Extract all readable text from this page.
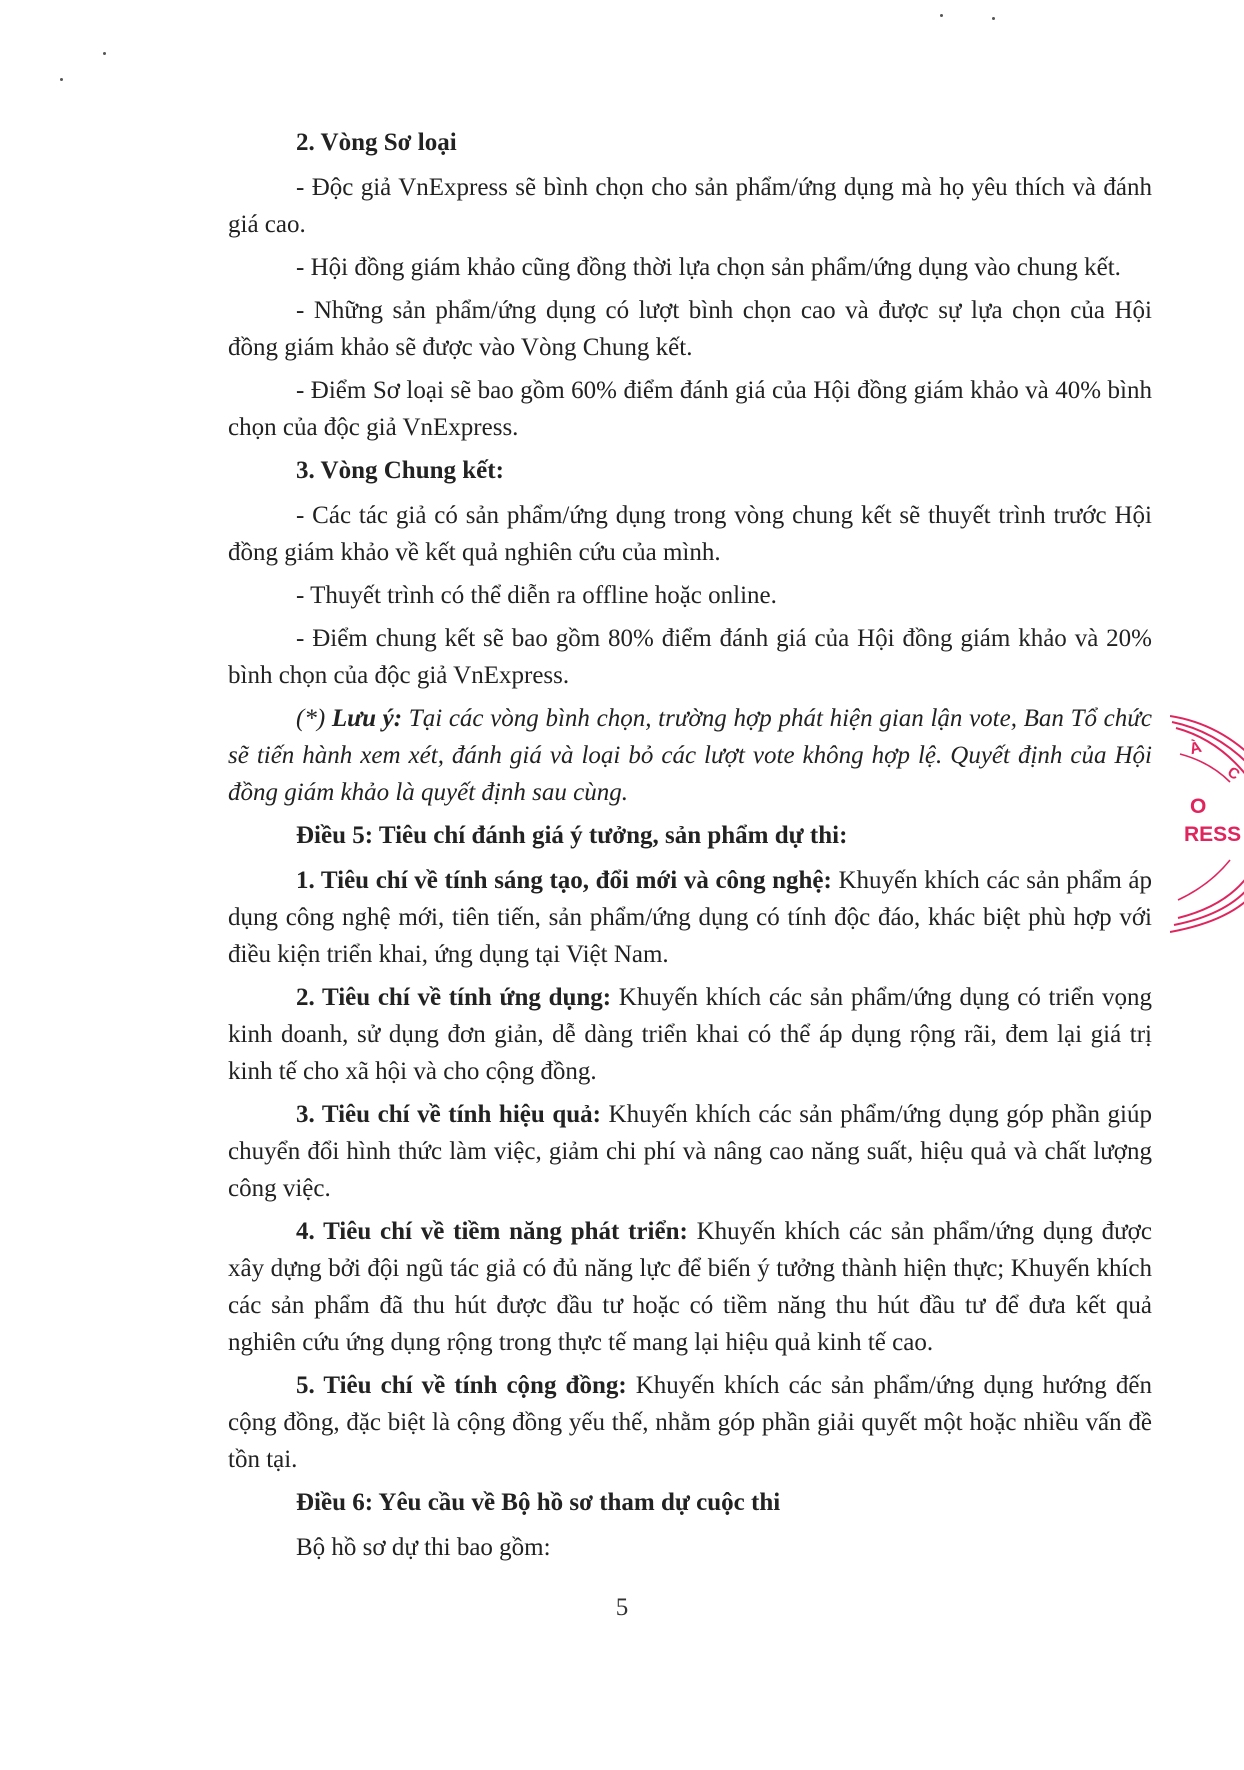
2. Vòng Sơ loại

- Độc giả VnExpress sẽ bình chọn cho sản phẩm/ứng dụng mà họ yêu thích và đánh giá cao.

- Hội đồng giám khảo cũng đồng thời lựa chọn sản phẩm/ứng dụng vào chung kết.

- Những sản phẩm/ứng dụng có lượt bình chọn cao và được sự lựa chọn của Hội đồng giám khảo sẽ được vào Vòng Chung kết.

- Điểm Sơ loại sẽ bao gồm 60% điểm đánh giá của Hội đồng giám khảo và 40% bình chọn của độc giả VnExpress.

3. Vòng Chung kết:

- Các tác giả có sản phẩm/ứng dụng trong vòng chung kết sẽ thuyết trình trước Hội đồng giám khảo về kết quả nghiên cứu của mình.

- Thuyết trình có thể diễn ra offline hoặc online.

- Điểm chung kết sẽ bao gồm 80% điểm đánh giá của Hội đồng giám khảo và 20% bình chọn của độc giả VnExpress.

(*) Lưu ý: Tại các vòng bình chọn, trường hợp phát hiện gian lận vote, Ban Tổ chức sẽ tiến hành xem xét, đánh giá và loại bỏ các lượt vote không hợp lệ. Quyết định của Hội đồng giám khảo là quyết định sau cùng.

Điều 5: Tiêu chí đánh giá ý tưởng, sản phẩm dự thi:

1. Tiêu chí về tính sáng tạo, đổi mới và công nghệ: Khuyến khích các sản phẩm áp dụng công nghệ mới, tiên tiến, sản phẩm/ứng dụng có tính độc đáo, khác biệt phù hợp với điều kiện triển khai, ứng dụng tại Việt Nam.

2. Tiêu chí về tính ứng dụng: Khuyến khích các sản phẩm/ứng dụng có triển vọng kinh doanh, sử dụng đơn giản, dễ dàng triển khai có thể áp dụng rộng rãi, đem lại giá trị kinh tế cho xã hội và cho cộng đồng.

3. Tiêu chí về tính hiệu quả: Khuyến khích các sản phẩm/ứng dụng góp phần giúp chuyển đổi hình thức làm việc, giảm chi phí và nâng cao năng suất, hiệu quả và chất lượng công việc.

4. Tiêu chí về tiềm năng phát triển: Khuyến khích các sản phẩm/ứng dụng được xây dựng bởi đội ngũ tác giả có đủ năng lực để biến ý tưởng thành hiện thực; Khuyến khích các sản phẩm đã thu hút được đầu tư hoặc có tiềm năng thu hút đầu tư để đưa kết quả nghiên cứu ứng dụng rộng trong thực tế mang lại hiệu quả kinh tế cao.

5. Tiêu chí về tính cộng đồng: Khuyến khích các sản phẩm/ứng dụng hướng đến cộng đồng, đặc biệt là cộng đồng yếu thế, nhằm góp phần giải quyết một hoặc nhiều vấn đề tồn tại.

Điều 6: Yêu cầu về Bộ hồ sơ tham dự cuộc thi

Bộ hồ sơ dự thi bao gồm:

5
À
C
O
RESS
